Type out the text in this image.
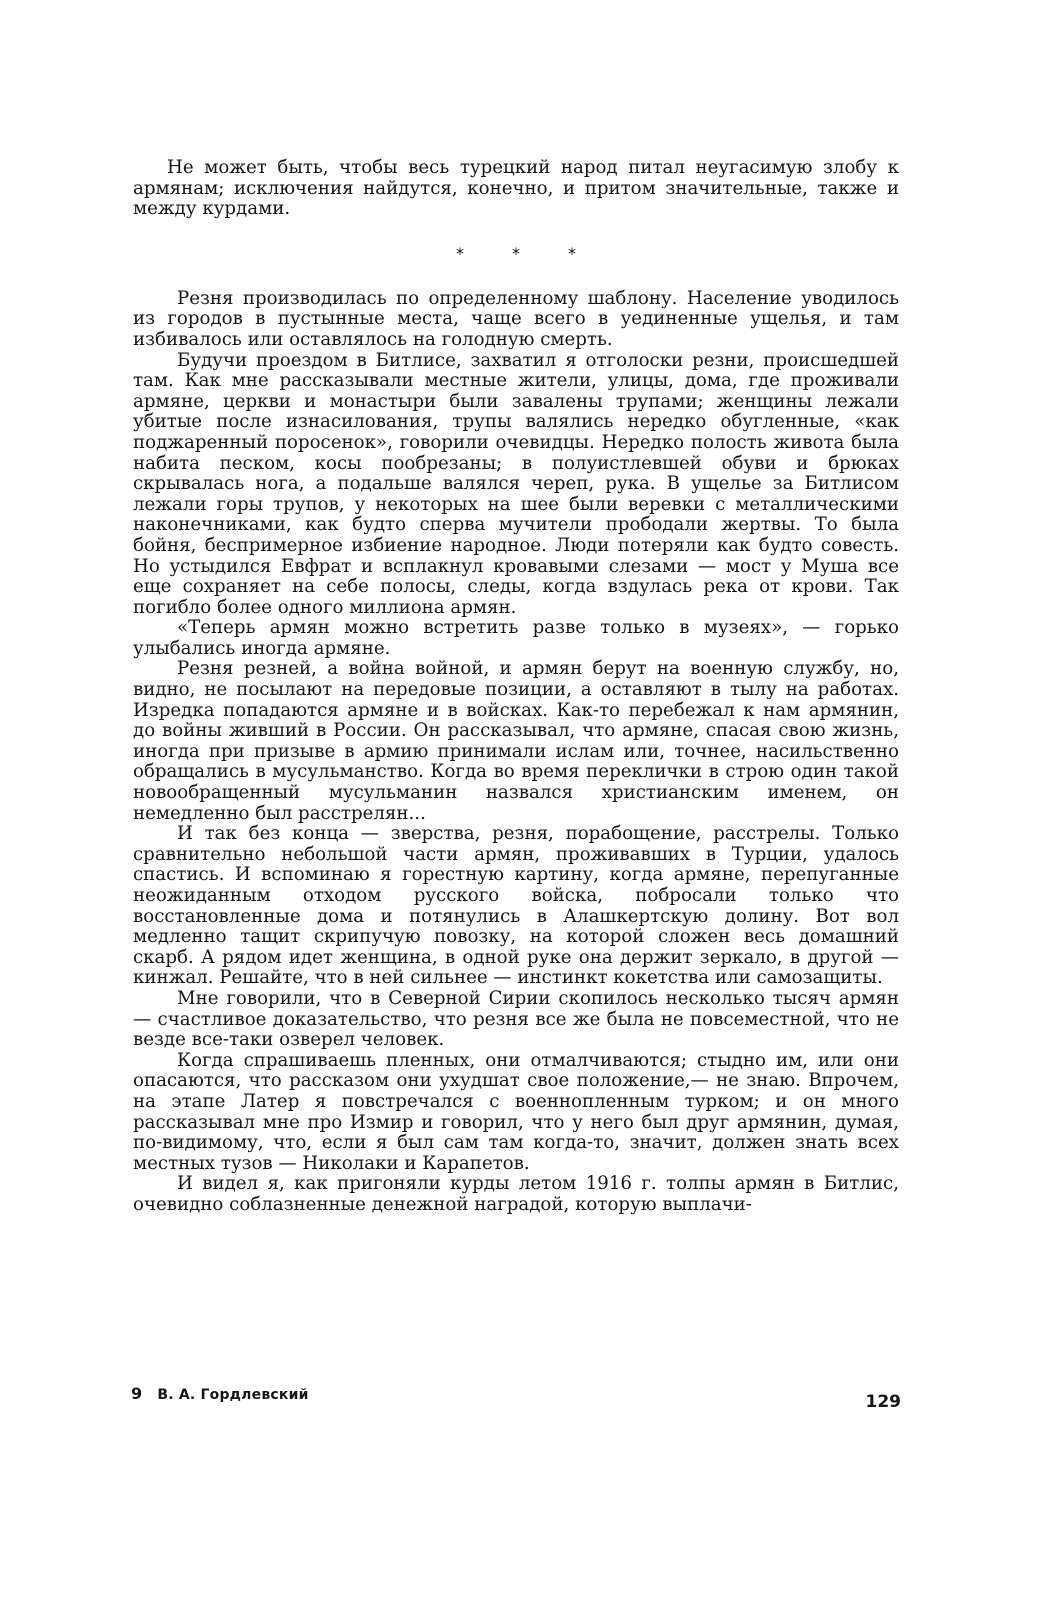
Не может быть, чтобы весь турецкий народ питал неугасимую злобу к армянам; исключения найдутся, конечно, и притом значительные, также и между курдами.

*	*	*

Резня производилась по определенному шаблону. Население уводилось из городов в пустынные места, чаще всего в уединенные ущелья, и там избивалось или оставлялось на голодную смерть.

Будучи проездом в Битлисе, захватил я отголоски резни, происшедшей там. Как мне рассказывали местные жители, улицы, дома, где проживали армяне, церкви и монастыри были завалены трупами; женщины лежали убитые после изнасилования, трупы валялись нередко обугленные, «как поджаренный поросенок», говорили очевидцы. Нередко полость живота была набита песком, косы пообрезаны; в полуистлевшей обуви и брюках скрывалась нога, а подальше валялся череп, рука. В ущелье за Битлисом лежали горы трупов, у некоторых на шее были веревки с металлическими наконечниками, как будто сперва мучители прободали жертвы. То была бойня, беспримерное избиение народное. Люди потеряли как будто совесть. Но устыдился Евфрат и всплакнул кровавыми слезами — мост у Муша все еще сохраняет на себе полосы, следы, когда вздулась река от крови. Так погибло более одного миллиона армян.

«Теперь армян можно встретить разве только в музеях», — горько улыбались иногда армяне.

Резня резней, а война войной, и армян берут на военную службу, но, видно, не посылают на передовые позиции, а оставляют в тылу на работах. Изредка попадаются армяне и в войсках. Как-то перебежал к нам армянин, до войны живший в России. Он рассказывал, что армяне, спасая свою жизнь, иногда при призыве в армию принимали ислам или, точнее, насильственно обращались в мусульманство. Когда во время переклички в строю один такой новообращенный мусульманин назвался христианским именем, он немедленно был расстрелян...

И так без конца — зверства, резня, порабощение, расстрелы. Только сравнительно небольшой части армян, проживавших в Турции, удалось спастись. И вспоминаю я горестную картину, когда армяне, перепуганные неожиданным отходом русского войска, побросали только что восстановленные дома и потянулись в Алашкертскую долину. Вот вол медленно тащит скрипучую повозку, на которой сложен весь домашний скарб. А рядом идет женщина, в одной руке она держит зеркало, в другой — кинжал. Решайте, что в ней сильнее — инстинкт кокетства или самозащиты.

Мне говорили, что в Северной Сирии скопилось несколько тысяч армян — счастливое доказательство, что резня все же была не повсеместной, что не везде все-таки озверел человек.

Когда спрашиваешь пленных, они отмалчиваются; стыдно им, или они опасаются, что рассказом они ухудшат свое положение,— не знаю. Впрочем, на этапе Латер я повстречался с военнопленным турком; и он много рассказывал мне про Измир и говорил, что у него был друг армянин, думая, по-видимому, что, если я был сам там когда-то, значит, должен знать всех местных тузов — Николаки и Карапетов.

И видел я, как пригоняли курды летом 1916 г. толпы армян в Битлис, очевидно соблазненные денежной наградой, которую выплачи-

9 В. А. Гордлевский	129
